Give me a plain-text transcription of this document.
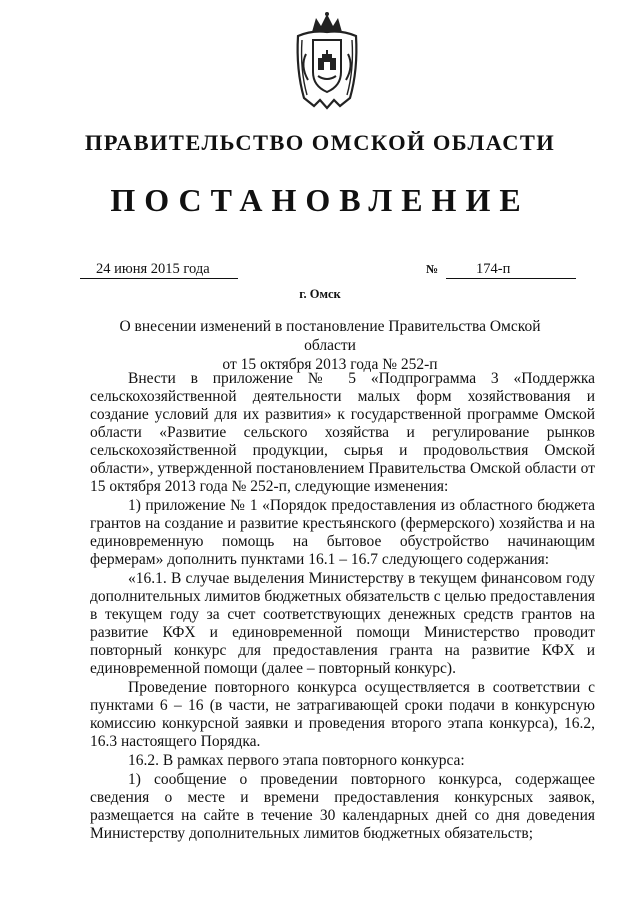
ПРАВИТЕЛЬСТВО ОМСКОЙ ОБЛАСТИ
ПОСТАНОВЛЕНИЕ
24 июня 2015 года	№	174-п
г. Омск
О внесении изменений в постановление Правительства Омской области
от 15 октября 2013 года № 252-п

Внести в приложение № 5 «Подпрограмма 3 «Поддержка сельскохозяйственной деятельности малых форм хозяйствования и создание условий для их развития» к государственной программе Омской области «Развитие сельского хозяйства и регулирование рынков сельскохозяйственной продукции, сырья и продовольствия Омской области», утвержденной постановлением Правительства Омской области от 15 октября 2013 года № 252-п, следующие изменения:

1) приложение № 1 «Порядок предоставления из областного бюджета грантов на создание и развитие крестьянского (фермерского) хозяйства и на единовременную помощь на бытовое обустройство начинающим фермерам» дополнить пунктами 16.1 – 16.7 следующего содержания:

«16.1. В случае выделения Министерству в текущем финансовом году дополнительных лимитов бюджетных обязательств с целью предоставления в текущем году за счет соответствующих денежных средств грантов на развитие КФХ и единовременной помощи Министерство проводит повторный конкурс для предоставления гранта на развитие КФХ и единовременной помощи (далее – повторный конкурс).

Проведение повторного конкурса осуществляется в соответствии с пунктами 6 – 16 (в части, не затрагивающей сроки подачи в конкурсную комиссию конкурсной заявки и проведения второго этапа конкурса), 16.2, 16.3 настоящего Порядка.

16.2. В рамках первого этапа повторного конкурса:

1) сообщение о проведении повторного конкурса, содержащее сведения о месте и времени предоставления конкурсных заявок, размещается на сайте в течение 30 календарных дней со дня доведения Министерству дополнительных лимитов бюджетных обязательств;
